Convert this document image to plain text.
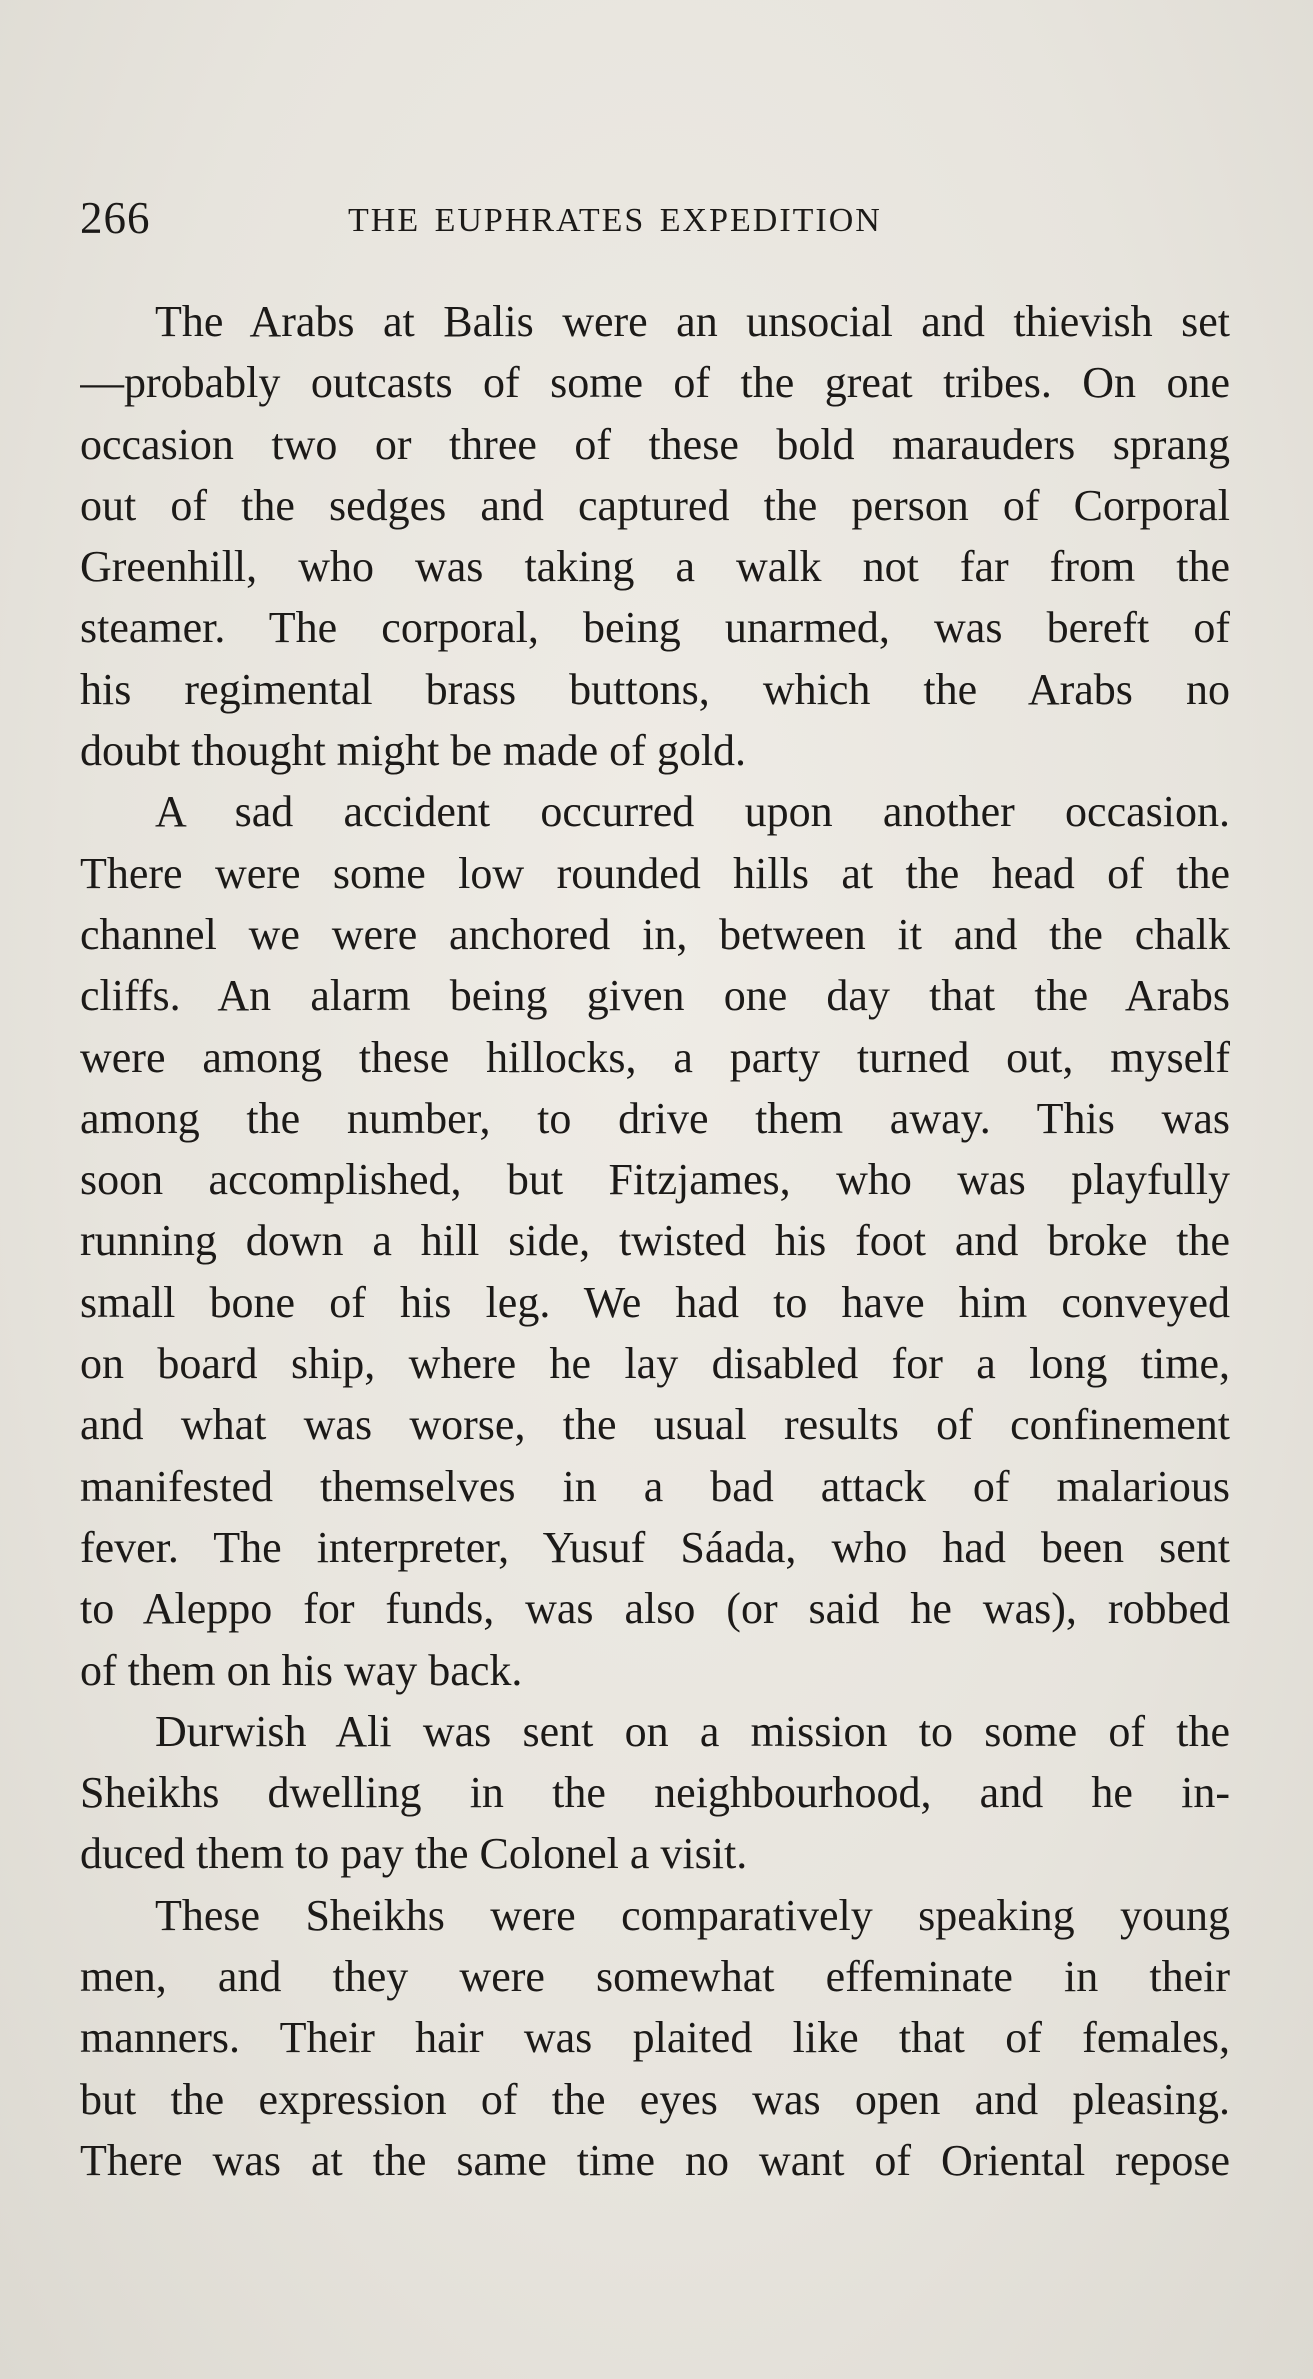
266	THE EUPHRATES EXPEDITION
The Arabs at Balis were an unsocial and thievish set
—probably outcasts of some of the great tribes. On one
occasion two or three of these bold marauders sprang
out of the sedges and captured the person of Corporal
Greenhill, who was taking a walk not far from the
steamer. The corporal, being unarmed, was bereft of
his regimental brass buttons, which the Arabs no
doubt thought might be made of gold.
A sad accident occurred upon another occasion.
There were some low rounded hills at the head of the
channel we were anchored in, between it and the chalk
cliffs. An alarm being given one day that the Arabs
were among these hillocks, a party turned out, myself
among the number, to drive them away. This was
soon accomplished, but Fitzjames, who was playfully
running down a hill side, twisted his foot and broke the
small bone of his leg. We had to have him conveyed
on board ship, where he lay disabled for a long time,
and what was worse, the usual results of confinement
manifested themselves in a bad attack of malarious
fever. The interpreter, Yusuf Sáada, who had been sent
to Aleppo for funds, was also (or said he was), robbed
of them on his way back.
Durwish Ali was sent on a mission to some of the
Sheikhs dwelling in the neighbourhood, and he in-
duced them to pay the Colonel a visit.
These Sheikhs were comparatively speaking young
men, and they were somewhat effeminate in their
manners. Their hair was plaited like that of females,
but the expression of the eyes was open and pleasing.
There was at the same time no want of Oriental repose
